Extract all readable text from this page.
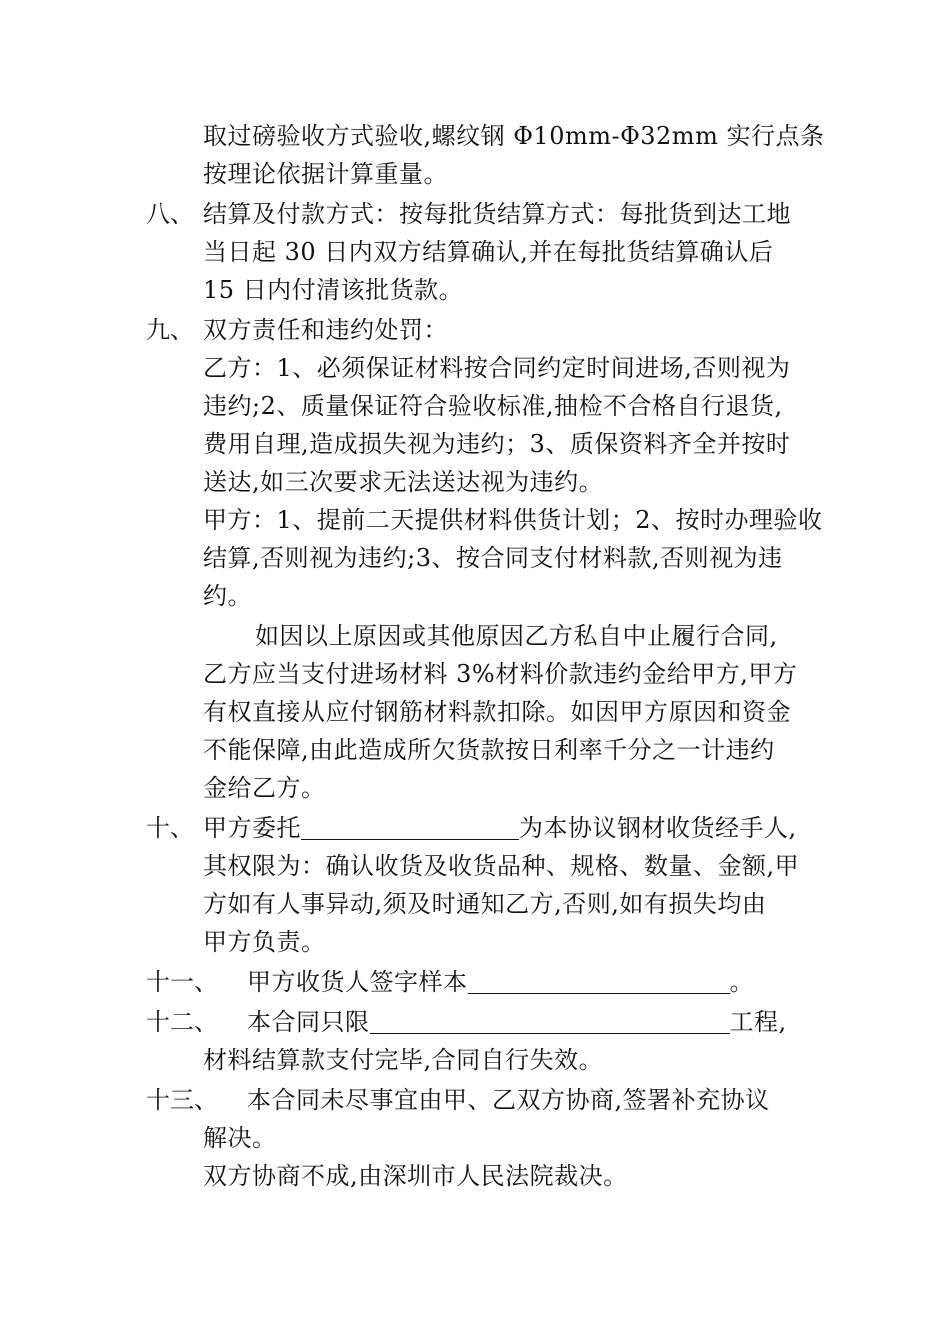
取过磅验收方式验收,螺纹钢 Φ10mm-Φ32mm 实行点条
按理论依据计算重量。
八、 结算及付款方式：按每批货结算方式：每批货到达工地
当日起 30 日内双方结算确认,并在每批货结算确认后
15 日内付清该批货款。
九、 双方责任和违约处罚：
乙方：1、必须保证材料按合同约定时间进场,否则视为
违约;2、质量保证符合验收标准,抽检不合格自行退货,
费用自理,造成损失视为违约；3、质保资料齐全并按时
送达,如三次要求无法送达视为违约。
甲方：1、提前二天提供材料供货计划；2、按时办理验收
结算,否则视为违约;3、按合同支付材料款,否则视为违
约。
如因以上原因或其他原因乙方私自中止履行合同,
乙方应当支付进场材料 3%材料价款违约金给甲方,甲方
有权直接从应付钢筋材料款扣除。如因甲方原因和资金
不能保障,由此造成所欠货款按日利率千分之一计违约
金给乙方。
十、 甲方委托	为本协议钢材收货经手人,
其权限为：确认收货及收货品种、规格、数量、金额,甲
方如有人事异动,须及时通知乙方,否则,如有损失均由
甲方负责。
十一、 甲方收货人签字样本	。
十二、 本合同只限	工程,
材料结算款支付完毕,合同自行失效。
十三、 本合同未尽事宜由甲、乙双方协商,签署补充协议
解决。
双方协商不成,由深圳市人民法院裁决。
